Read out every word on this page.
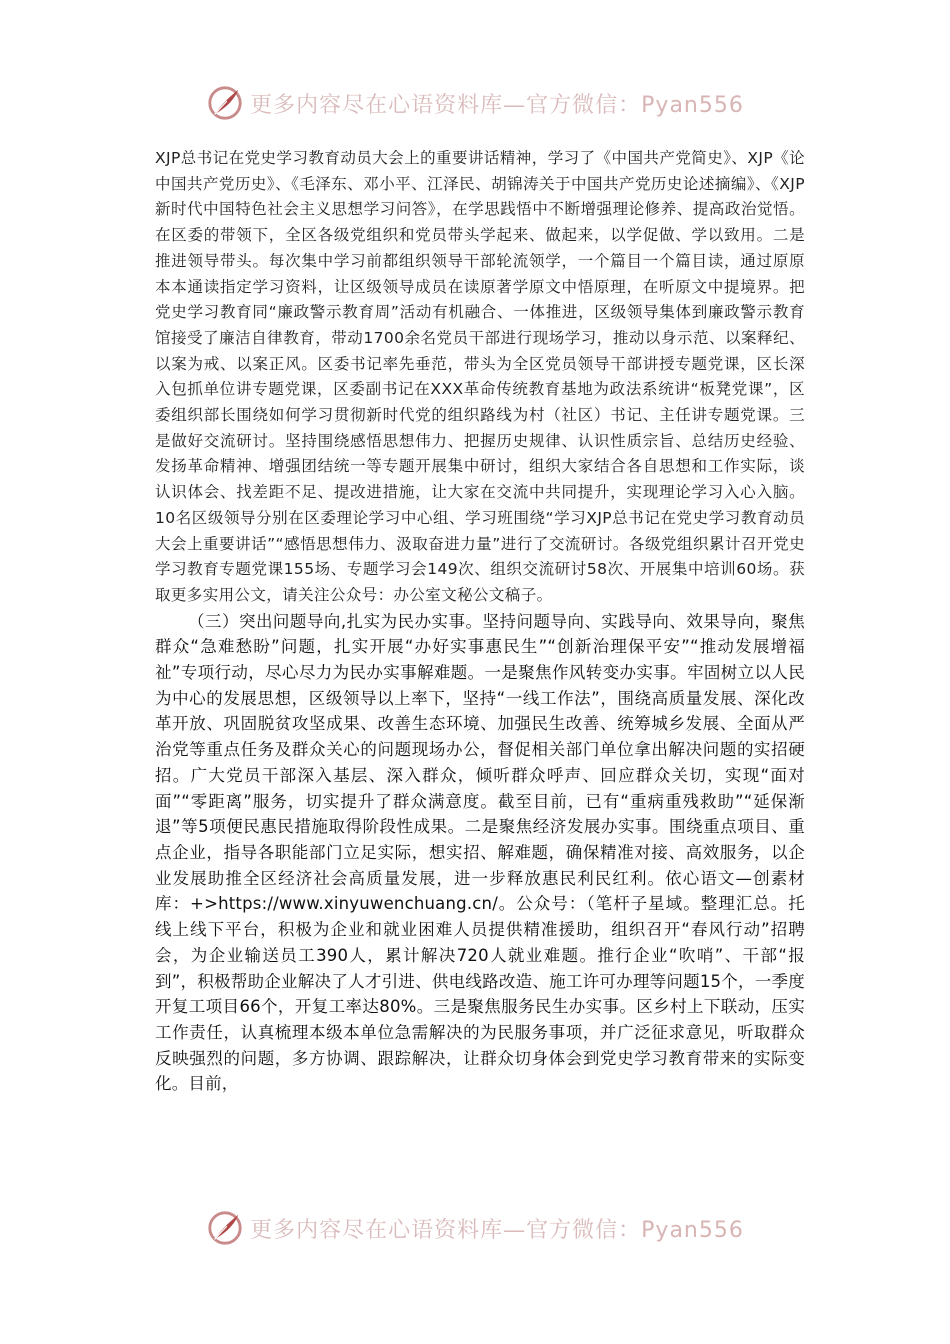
更多内容尽在心语资料库—官方微信：Pyan556

XJP总书记在党史学习教育动员大会上的重要讲话精神，学习了《中国共产党简史》、XJP《论中国共产党历史》、《毛泽东、邓小平、江泽民、胡锦涛关于中国共产党历史论述摘编》、《XJP新时代中国特色社会主义思想学习问答》，在学思践悟中不断增强理论修养、提高政治觉悟。在区委的带领下，全区各级党组织和党员带头学起来、做起来，以学促做、学以致用。二是推进领导带头。每次集中学习前都组织领导干部轮流领学，一个篇目一个篇目读，通过原原本本通读指定学习资料，让区级领导成员在读原著学原文中悟原理，在听原文中提境界。把党史学习教育同“廉政警示教育周”活动有机融合、一体推进，区级领导集体到廉政警示教育馆接受了廉洁自律教育，带动1700余名党员干部进行现场学习，推动以身示范、以案释纪、以案为戒、以案正风。区委书记率先垂范，带头为全区党员领导干部讲授专题党课，区长深入包抓单位讲专题党课，区委副书记在XXX革命传统教育基地为政法系统讲“板凳党课”，区委组织部长围绕如何学习贯彻新时代党的组织路线为村（社区）书记、主任讲专题党课。三是做好交流研讨。坚持围绕感悟思想伟力、把握历史规律、认识性质宗旨、总结历史经验、发扬革命精神、增强团结统一等专题开展集中研讨，组织大家结合各自思想和工作实际，谈认识体会、找差距不足、提改进措施，让大家在交流中共同提升，实现理论学习入心入脑。10名区级领导分别在区委理论学习中心组、学习班围绕“学习XJP总书记在党史学习教育动员大会上重要讲话”“感悟思想伟力、汲取奋进力量”进行了交流研讨。各级党组织累计召开党史学习教育专题党课155场、专题学习会149次、组织交流研讨58次、开展集中培训60场。获取更多实用公文，请关注公众号：办公室文秘公文稿子。

（三）突出问题导向,扎实为民办实事。坚持问题导向、实践导向、效果导向，聚焦群众“急难愁盼”问题，扎实开展“办好实事惠民生”“创新治理保平安”“推动发展增福祉”专项行动，尽心尽力为民办实事解难题。一是聚焦作风转变办实事。牢固树立以人民为中心的发展思想，区级领导以上率下，坚持“一线工作法”，围绕高质量发展、深化改革开放、巩固脱贫攻坚成果、改善生态环境、加强民生改善、统筹城乡发展、全面从严治党等重点任务及群众关心的问题现场办公，督促相关部门单位拿出解决问题的实招硬招。广大党员干部深入基层、深入群众，倾听群众呼声、回应群众关切，实现“面对面”“零距离”服务，切实提升了群众满意度。截至目前，已有“重病重残救助”“延保渐退”等5项便民惠民措施取得阶段性成果。二是聚焦经济发展办实事。围绕重点项目、重点企业，指导各职能部门立足实际，想实招、解难题，确保精准对接、高效服务，以企业发展助推全区经济社会高质量发展，进一步释放惠民利民红利。依心语文—创素材库：+>https://www.xinyuwenchuang.cn/。公众号：（笔杆子星域。整理汇总。托线上线下平台，积极为企业和就业困难人员提供精准援助，组织召开“春风行动”招聘会，为企业输送员工390人，累计解决720人就业难题。推行企业“吹哨”、干部“报到”，积极帮助企业解决了人才引进、供电线路改造、施工许可办理等问题15个，一季度开复工项目66个，开复工率达80%。三是聚焦服务民生办实事。区乡村上下联动，压实工作责任，认真梳理本级本单位急需解决的为民服务事项，并广泛征求意见，听取群众反映强烈的问题，多方协调、跟踪解决，让群众切身体会到党史学习教育带来的实际变化。目前，

更多内容尽在心语资料库—官方微信：Pyan556
